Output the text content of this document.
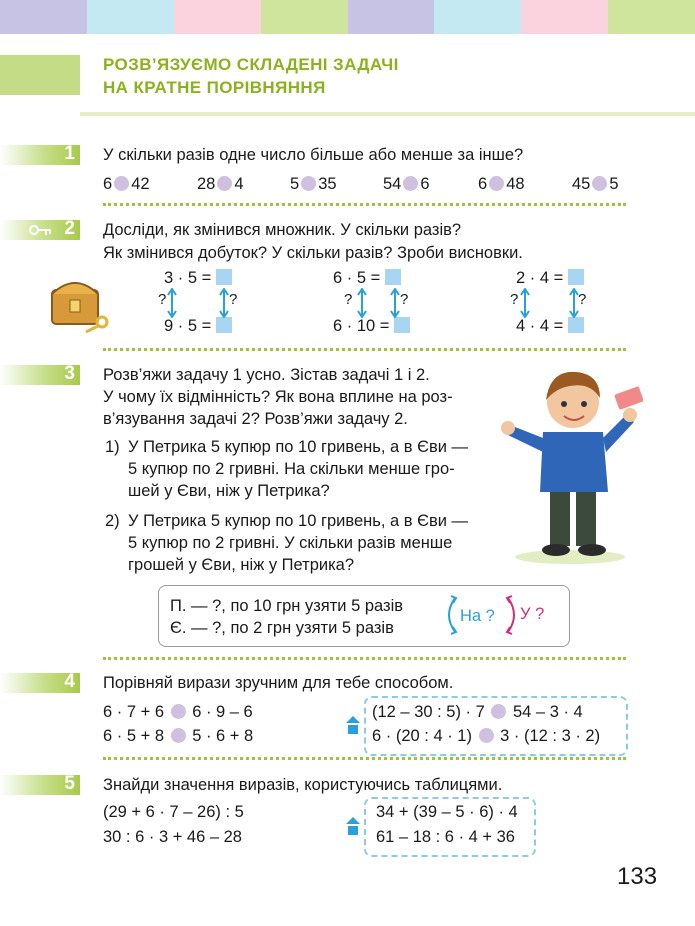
РОЗВ’ЯЗУЄМО СКЛАДЕНІ ЗАДАЧІ
НА КРАТНЕ ПОРІВНЯННЯ
1 У скільки разів одне число більше або менше за інше?
6 42	28 4	5 35	54 6	6 48	45 5
2 Досліди, як змінився множник. У скільки разів?
Як змінився добуток? У скільки разів? Зроби висновки.
3 · 5 =
9 · 5 =
?	?
6 · 5 =
6 · 10 =
?	?
2 · 4 =
4 · 4 =
?	?
3 Розв’яжи задачу 1 усно. Зістав задачі 1 і 2.
У чому їх відмінність? Як вона вплине на роз-
в’язування задачі 2? Розв’яжи задачу 2.
1) У Петрика 5 купюр по 10 гривень, а в Єви —
5 купюр по 2 гривні. На скільки менше гро-
шей у Єви, ніж у Петрика?
2) У Петрика 5 купюр по 10 гривень, а в Єви —
5 купюр по 2 гривні. У скільки разів менше
грошей у Єви, ніж у Петрика?
П. — ?, по 10 грн узяти 5 разів
Є. — ?, по 2 грн узяти 5 разів
На ? У ?
4 Порівняй вирази зручним для тебе способом.
6 · 7 + 6 6 · 9 – 6
6 · 5 + 8 5 · 6 + 8
(12 – 30 : 5) · 7 54 – 3 · 4
6 · (20 : 4 · 1) 3 · (12 : 3 · 2)
5 Знайди значення виразів, користуючись таблицями.
(29 + 6 · 7 – 26) : 5
30 : 6 · 3 + 46 – 28
34 + (39 – 5 · 6) · 4
61 – 18 : 6 · 4 + 36
133
